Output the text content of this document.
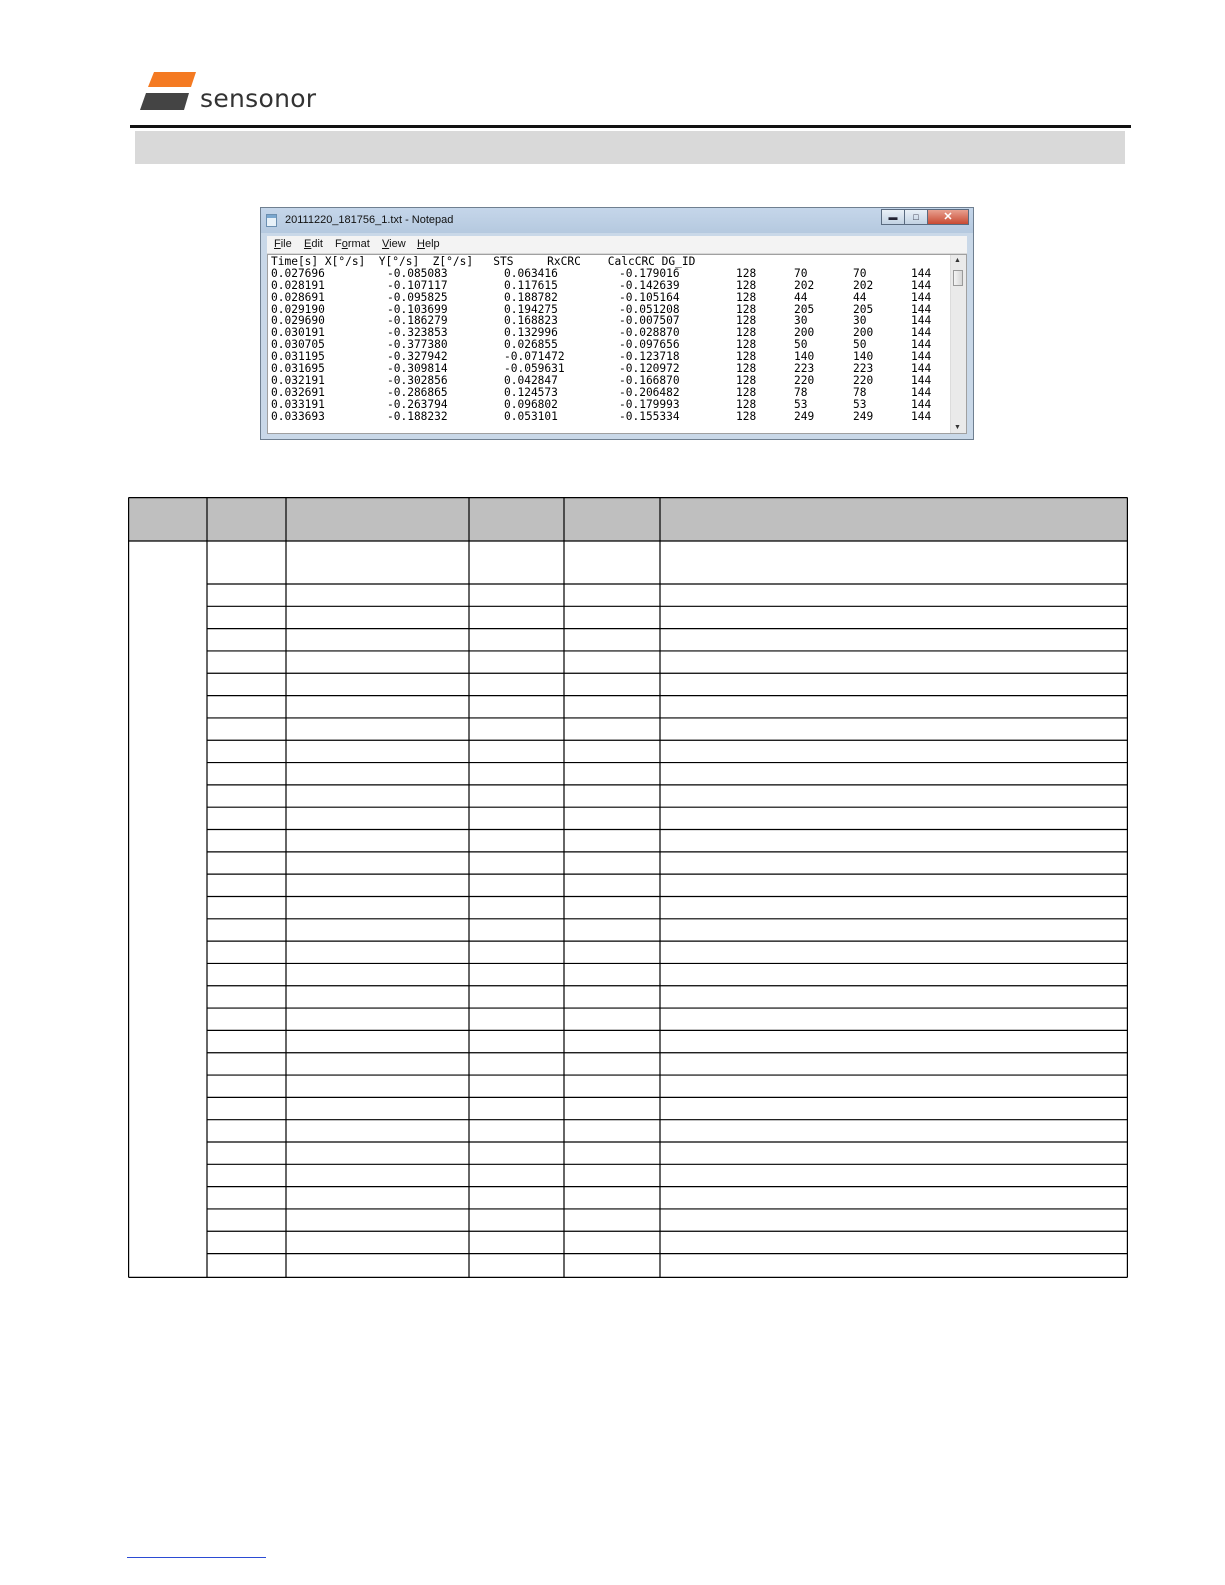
sensonor
20111220_181756_1.txt - Notepad	▬	□	✕
File Edit Format View Help
Time[s] X[°/s]  Y[°/s]  Z[°/s]   STS     RxCRC    CalcCRC DG_ID
0.027696	-0.085083	0.063416	-0.179016	128	70	70	144
0.028191	-0.107117	0.117615	-0.142639	128	202	202	144
0.028691	-0.095825	0.188782	-0.105164	128	44	44	144
0.029190	-0.103699	0.194275	-0.051208	128	205	205	144
0.029690	-0.186279	0.168823	-0.007507	128	30	30	144
0.030191	-0.323853	0.132996	-0.028870	128	200	200	144
0.030705	-0.377380	0.026855	-0.097656	128	50	50	144
0.031195	-0.327942	-0.071472	-0.123718	128	140	140	144
0.031695	-0.309814	-0.059631	-0.120972	128	223	223	144
0.032191	-0.302856	0.042847	-0.166870	128	220	220	144
0.032691	-0.286865	0.124573	-0.206482	128	78	78	144
0.033191	-0.263794	0.096802	-0.179993	128	53	53	144
0.033693	-0.188232	0.053101	-0.155334	128	249	249	144
▲
▼
